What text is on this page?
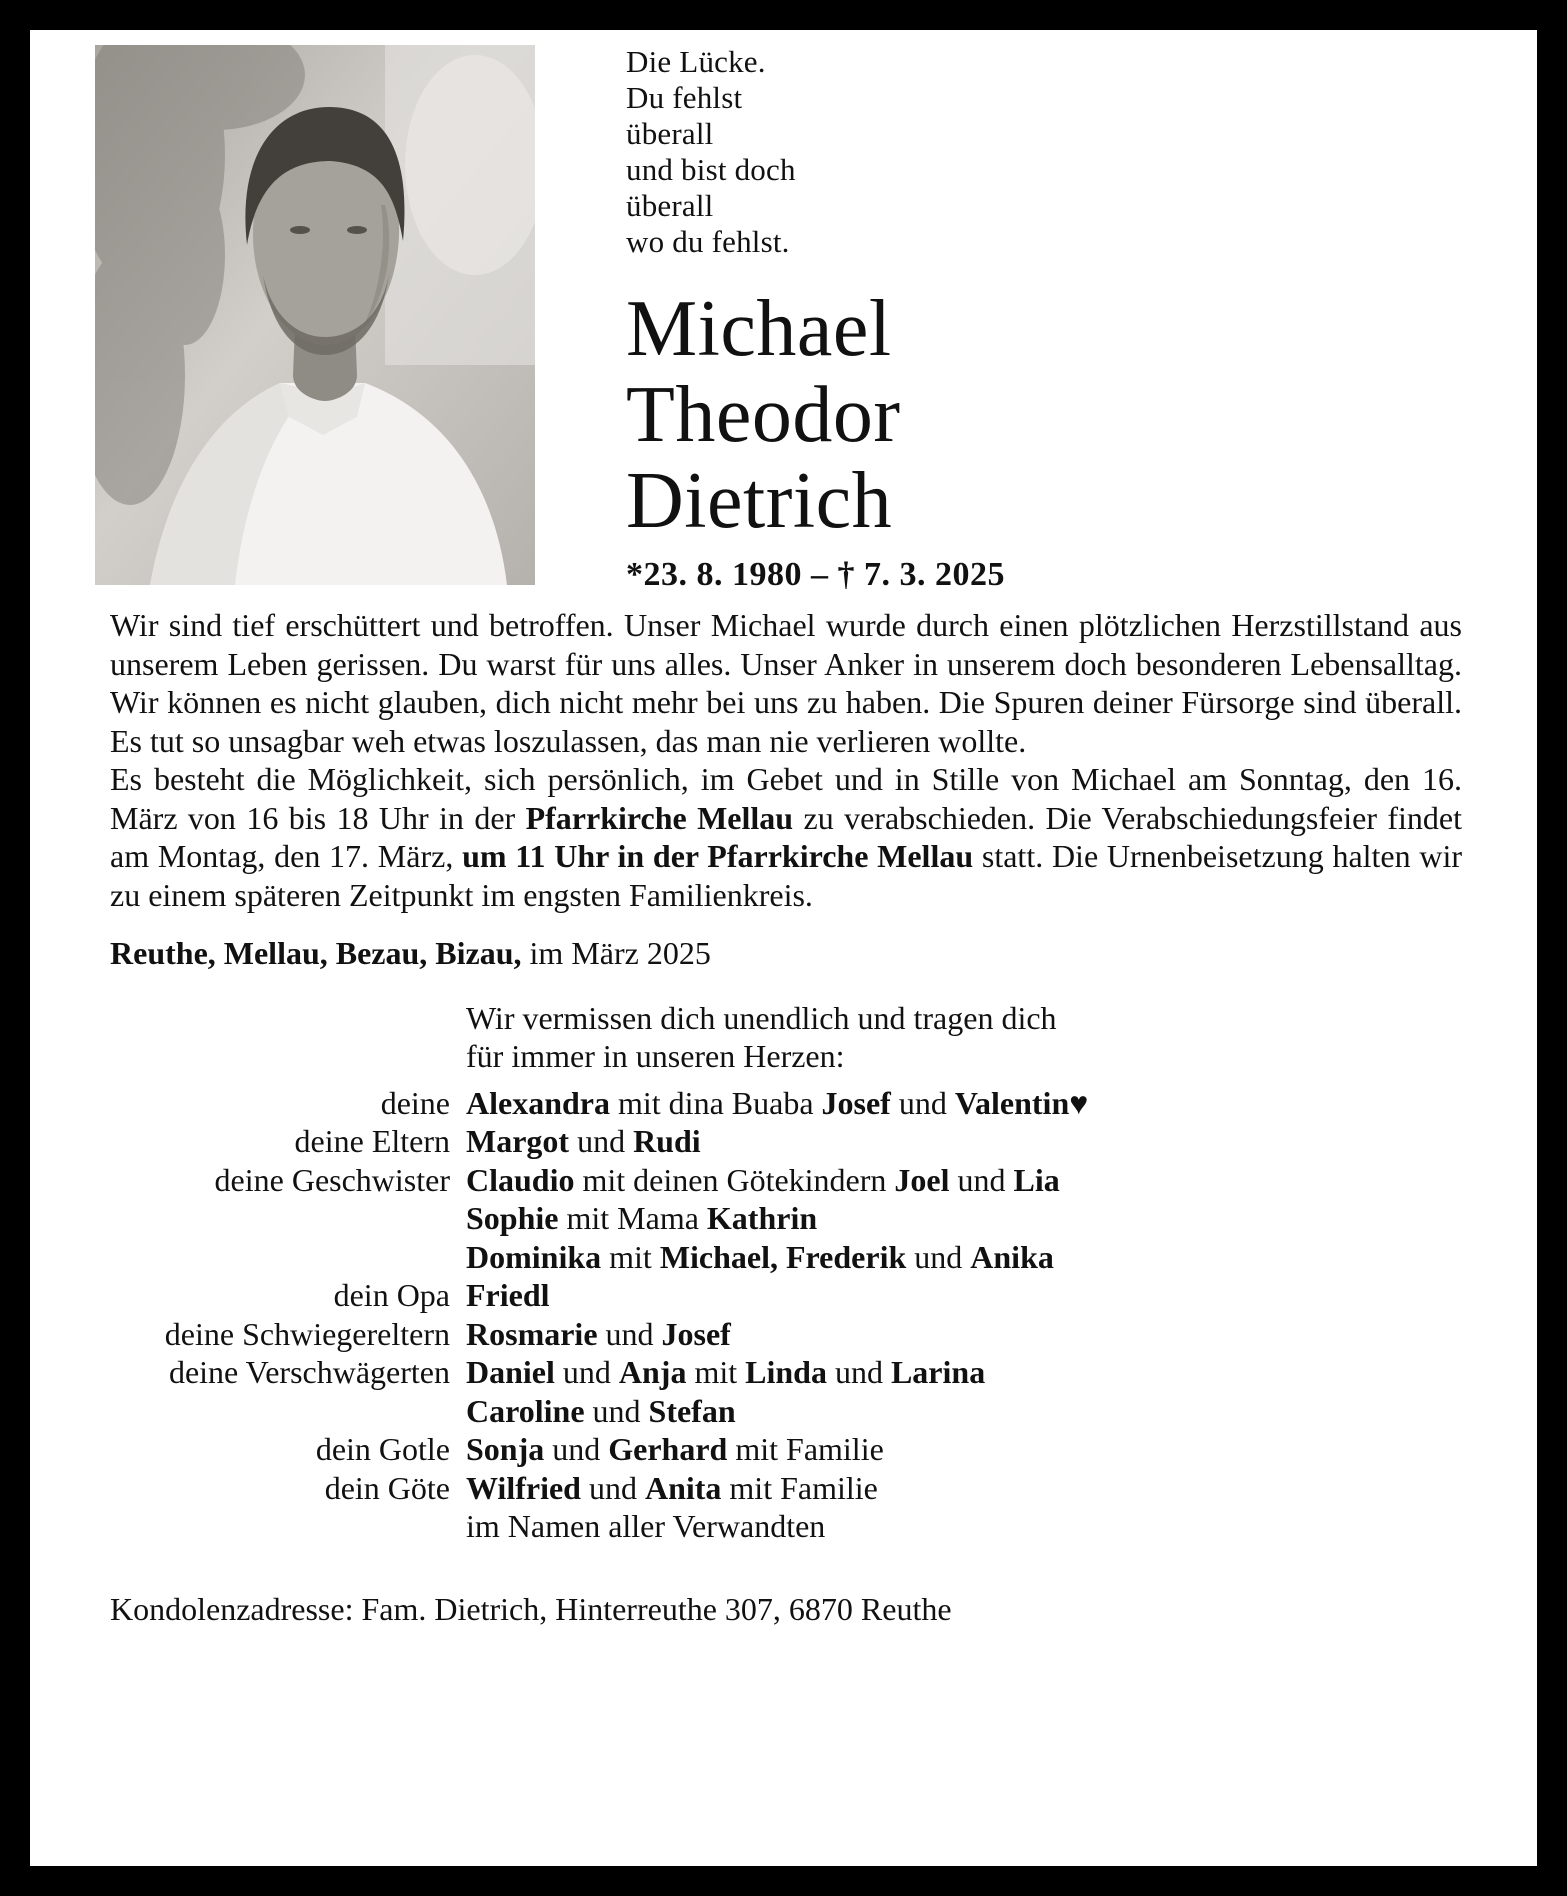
Die Lücke.
Du fehlst
überall
und bist doch
überall
wo du fehlst.
Michael
Theodor
Dietrich
*23. 8. 1980 – † 7. 3. 2025

Wir sind tief erschüttert und betroffen. Unser Michael wurde durch einen plötzlichen Herzstillstand aus unserem Leben gerissen. Du warst für uns alles. Unser Anker in unserem doch besonderen Lebensalltag. Wir können es nicht glauben, dich nicht mehr bei uns zu haben. Die Spuren deiner Fürsorge sind überall. Es tut so unsagbar weh etwas loszulassen, das man nie verlieren wollte.

Es besteht die Möglichkeit, sich persönlich, im Gebet und in Stille von Michael am Sonntag, den 16. März von 16 bis 18 Uhr in der Pfarrkirche Mellau zu verabschieden. Die Verabschiedungsfeier findet am Montag, den 17. März, um 11 Uhr in der Pfarrkirche Mellau statt. Die Urnenbeisetzung halten wir zu einem späteren Zeitpunkt im engsten Familienkreis.

Reuthe, Mellau, Bezau, Bizau, im März 2025
Wir vermissen dich unendlich und tragen dich
für immer in unseren Herzen:
deine Alexandra mit dina Buaba Josef und Valentin♥
deine Eltern Margot und Rudi
deine Geschwister Claudio mit deinen Götekindern Joel und Lia
Sophie mit Mama Kathrin
Dominika mit Michael, Frederik und Anika
dein Opa Friedl
deine Schwiegereltern Rosmarie und Josef
deine Verschwägerten Daniel und Anja mit Linda und Larina
Caroline und Stefan
dein Gotle Sonja und Gerhard mit Familie
dein Göte Wilfried und Anita mit Familie
im Namen aller Verwandten
Kondolenzadresse: Fam. Dietrich, Hinterreuthe 307, 6870 Reuthe
